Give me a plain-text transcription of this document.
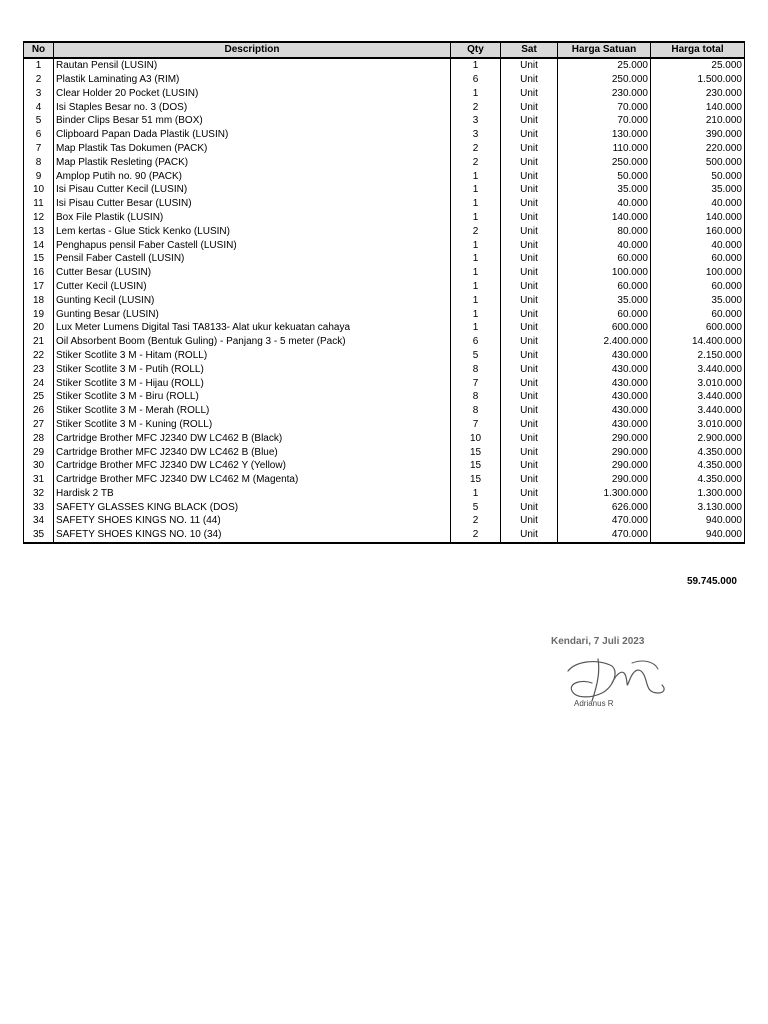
No	Description	Qty	Sat	Harga Satuan	Harga total
1	Rautan Pensil (LUSIN)	1	Unit	25.000	25.000
2	Plastik Laminating A3 (RIM)	6	Unit	250.000	1.500.000
3	Clear Holder 20 Pocket (LUSIN)	1	Unit	230.000	230.000
4	Isi Staples Besar no. 3 (DOS)	2	Unit	70.000	140.000
5	Binder Clips Besar 51 mm (BOX)	3	Unit	70.000	210.000
6	Clipboard Papan Dada Plastik (LUSIN)	3	Unit	130.000	390.000
7	Map Plastik Tas Dokumen (PACK)	2	Unit	110.000	220.000
8	Map Plastik Resleting (PACK)	2	Unit	250.000	500.000
9	Amplop Putih no. 90 (PACK)	1	Unit	50.000	50.000
10	Isi Pisau Cutter Kecil (LUSIN)	1	Unit	35.000	35.000
11	Isi Pisau Cutter Besar (LUSIN)	1	Unit	40.000	40.000
12	Box File Plastik (LUSIN)	1	Unit	140.000	140.000
13	Lem kertas - Glue Stick Kenko (LUSIN)	2	Unit	80.000	160.000
14	Penghapus pensil Faber Castell (LUSIN)	1	Unit	40.000	40.000
15	Pensil Faber Castell (LUSIN)	1	Unit	60.000	60.000
16	Cutter Besar (LUSIN)	1	Unit	100.000	100.000
17	Cutter Kecil (LUSIN)	1	Unit	60.000	60.000
18	Gunting Kecil (LUSIN)	1	Unit	35.000	35.000
19	Gunting Besar (LUSIN)	1	Unit	60.000	60.000
20	Lux Meter Lumens Digital Tasi TA8133- Alat ukur kekuatan cahaya	1	Unit	600.000	600.000
21	Oil Absorbent Boom (Bentuk Guling) - Panjang 3 - 5 meter (Pack)	6	Unit	2.400.000	14.400.000
22	Stiker Scotlite 3 M - Hitam (ROLL)	5	Unit	430.000	2.150.000
23	Stiker Scotlite 3 M - Putih (ROLL)	8	Unit	430.000	3.440.000
24	Stiker Scotlite 3 M - Hijau (ROLL)	7	Unit	430.000	3.010.000
25	Stiker Scotlite 3 M - Biru (ROLL)	8	Unit	430.000	3.440.000
26	Stiker Scotlite 3 M - Merah (ROLL)	8	Unit	430.000	3.440.000
27	Stiker Scotlite 3 M - Kuning (ROLL)	7	Unit	430.000	3.010.000
28	Cartridge Brother MFC J2340 DW LC462 B (Black)	10	Unit	290.000	2.900.000
29	Cartridge Brother MFC J2340 DW LC462 B (Blue)	15	Unit	290.000	4.350.000
30	Cartridge Brother MFC J2340 DW LC462 Y (Yellow)	15	Unit	290.000	4.350.000
31	Cartridge Brother MFC J2340 DW LC462 M (Magenta)	15	Unit	290.000	4.350.000
32	Hardisk 2 TB	1	Unit	1.300.000	1.300.000
33	SAFETY GLASSES KING BLACK (DOS)	5	Unit	626.000	3.130.000
34	SAFETY SHOES KINGS NO. 11 (44)	2	Unit	470.000	940.000
35	SAFETY SHOES KINGS NO. 10 (34)	2	Unit	470.000	940.000
59.745.000
Kendari, 7 Juli 2023
Adrianus R
